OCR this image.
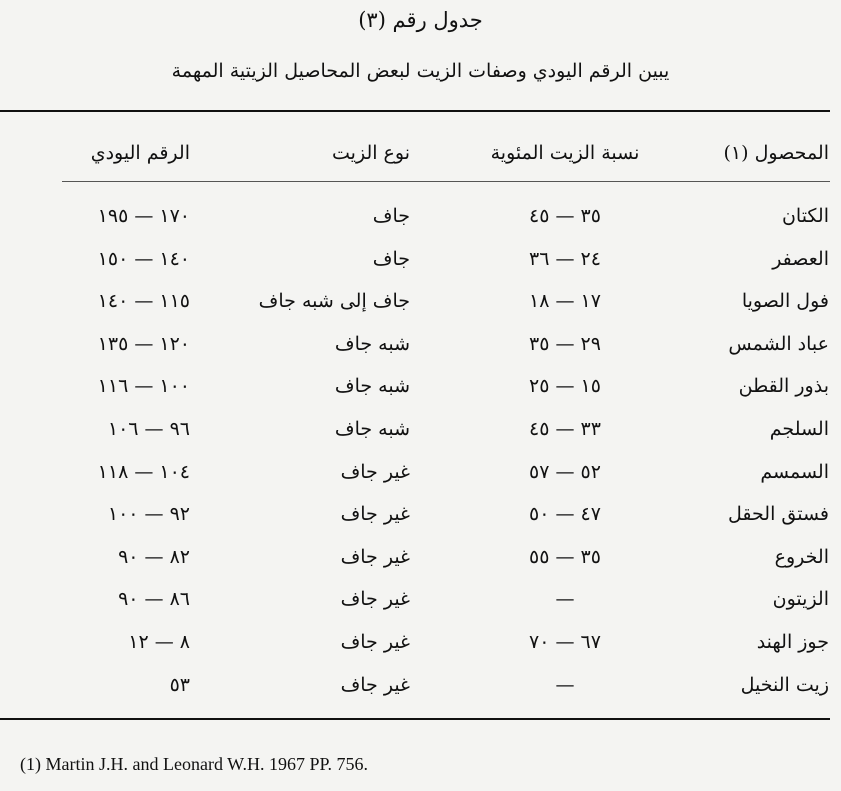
جدول رقم (٣)
يبين الرقم اليودي وصفات الزيت لبعض المحاصيل الزيتية المهمة
المحصول (١)
نسبة الزيت المئوية
نوع الزيت
الرقم اليودي
الكتان
٣٥ — ٤٥
جاف
١٧٠ — ١٩٥
العصفر
٢٤ — ٣٦
جاف
١٤٠ — ١٥٠
فول الصويا
١٧ — ١٨
جاف إلى شبه جاف
١١٥ — ١٤٠
عباد الشمس
٢٩ — ٣٥
شبه جاف
١٢٠ — ١٣٥
بذور القطن
١٥ — ٢٥
شبه جاف
١٠٠ — ١١٦
السلجم
٣٣ — ٤٥
شبه جاف
٩٦ — ١٠٦
السمسم
٥٢ — ٥٧
غير جاف
١٠٤ — ١١٨
فستق الحقل
٤٧ — ٥٠
غير جاف
٩٢ — ١٠٠
الخروع
٣٥ — ٥٥
غير جاف
٨٢ — ٩٠
الزيتون
—
غير جاف
٨٦ — ٩٠
جوز الهند
٦٧ — ٧٠
غير جاف
٨ — ١٢
زيت النخيل
—
غير جاف
٥٣
(1) Martin J.H. and Leonard W.H. 1967 PP. 756.
